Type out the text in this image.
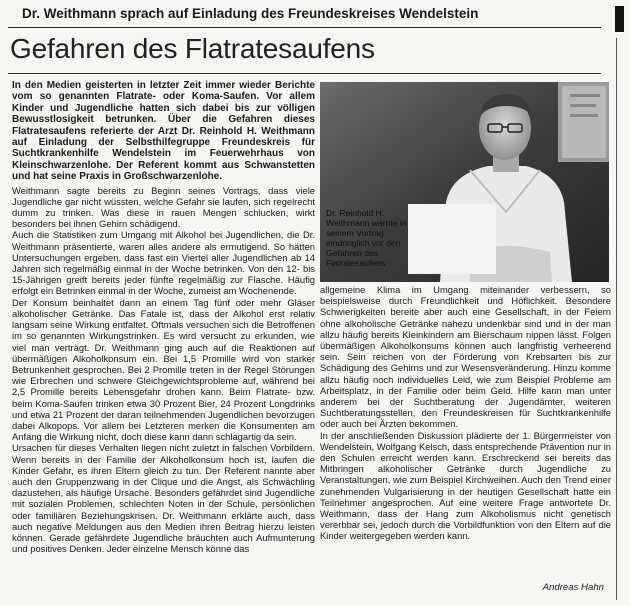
Dr. Weithmann sprach auf Einladung des Freundeskreises Wendelstein
Gefahren des Flatratesaufens

In den Medien geisterten in letzter Zeit immer wieder Berichte vom so genannten Flatrate- oder Koma-Saufen. Vor allem Kinder und Jugendliche hatten sich dabei bis zur völligen Bewusstlosigkeit betrunken. Über die Gefahren dieses Flatratesaufens referierte der Arzt Dr. Reinhold H. Weithmann auf Einladung der Selbsthilfegruppe Freundeskreis für Suchtkrankenhilfe Wendelstein im Feuerwehrhaus von Kleinschwarzenlohe. Der Referent kommt aus Schwanstetten und hat seine Praxis in Großschwarzenlohe.

Weithmann sagte bereits zu Beginn seines Vortrags, dass viele Jugendliche gar nicht wüssten, welche Gefahr sie laufen, sich regelrecht dumm zu trinken. Was diese in rauen Mengen schlucken, wirkt besonders bei ihnen Gehirn schädigend.

Auch die Statistiken zum Umgang mit Alkohol bei Jugendlichen, die Dr. Weithmann präsentierte, waren alles andere als ermutigend. So hätten Untersuchungen ergeben, dass fast ein Viertel aller Jugendlichen ab 14 Jahren sich regelmäßig einmal in der Woche betrinken. Von den 12- bis 15-Jährigen greift bereits jeder fünfte regelmäßig zur Flasche. Häufig erfolgt ein Betrinken einmal in der Woche, zumeist am Wochenende.

Der Konsum beinhaltet dann an einem Tag fünf oder mehr Gläser alkoholischer Getränke. Das Fatale ist, dass der Alkohol erst relativ langsam seine Wirkung entfaltet. Oftmals versuchen sich die Betroffenen im so genannten Wirkungstrinken. Es wird versucht zu erkunden, wie viel man verträgt. Dr. Weithmann ging auch auf die Reaktionen auf übermäßigen Alkoholkonsum ein. Bei 1,5 Promille wird von starker Betrunkenheit gesprochen. Bei 2 Promille treten in der Regel Störungen wie Erbrechen und schwere Gleichgewichtsprobleme auf, während bei 2,5 Promille bereits Lebensgefahr drohen kann. Beim Flatrate- bzw. beim Koma-Saufen trinken etwa 30 Prozent Bier, 24 Prozent Longdrinks und etwa 21 Prozent der daran teilnehmenden Jugendlichen bevorzugen dabei Alkopops. Vor allem bei Letzteren merken die Konsumenten am Anfang die Wirkung nicht, doch diese kann dann schlagartig da sein.

Ursachen für dieses Verhalten liegen nicht zuletzt in falschen Vorbildern. Wenn bereits in der Familie der Alkoholkonsum hoch ist, laufen die Kinder Gefahr, es ihren Eltern gleich zu tun. Der Referent nannte aber auch den Gruppenzwang in der Clique und die Angst, als Schwächling dazustehen, als häufige Ursache. Besonders gefährdet sind Jugendliche mit sozialen Problemen, schlechten Noten in der Schule, persönlichen oder familiären Beziehungskrisen. Dr. Weithmann erklärte auch, dass auch negative Meldungen aus den Medien ihren Beitrag hierzu leisten können. Gerade gefährdete Jugendliche bräuchten auch Aufmunterung und positives Denken. Jeder einzelne Mensch könne das

Dr. Reinhold H. Weithmann warnte in seinem Vortrag eindringlich vor den Gefahren des Flatratesaufens

allgemeine Klima im Umgang miteinander verbessern, so beispielsweise durch Freundlichkeit und Höflichkeit. Besondere Schwierigkeiten bereite aber auch eine Gesellschaft, in der Feiern ohne alkoholische Getränke nahezu undenkbar sind und in der man allzu häufig bereits Kleinkindern am Bierschaum nippen lässt. Folgen übermäßigen Alkoholkonsums können auch langfristig verheerend sein. Sein reichen von der Förderung von Krebsarten bis zur Schädigung des Gehirns und zur Wesensveränderung. Hinzu komme allzu häufig noch individuelles Leid, wie zum Beispiel Probleme am Arbeitsplatz, in der Familie oder beim Geld. Hilfe kann man unter anderem bei der Suchtberatung der Jugendämter, weiteren Suchtberatungsstellen, den Freundeskreisen für Suchtkrankenhilfe oder auch bei Ärzten bekommen.

In der anschließenden Diskussion plädierte der 1. Bürgermeister von Wendelstein, Wolfgang Kelsch, dass entsprechende Prävention nur in den Schulen erreicht werden kann. Erschreckend sei bereits das Mitbringen alkoholischer Getränke durch Jugendliche zu Veranstaltungen, wie zum Beispiel Kirchweihen. Auch den Trend einer zunehmenden Vulgarisierung in der heutigen Gesellschaft hatte ein Teilnehmer angesprochen. Auf eine weitere Frage antwortete Dr. Weithmann, dass der Hang zum Alkoholismus nicht genetisch vererbbar sei, jedoch durch die Vorbildfunktion von den Eltern auf die Kinder weitergegeben werden kann.

Andreas Hahn
